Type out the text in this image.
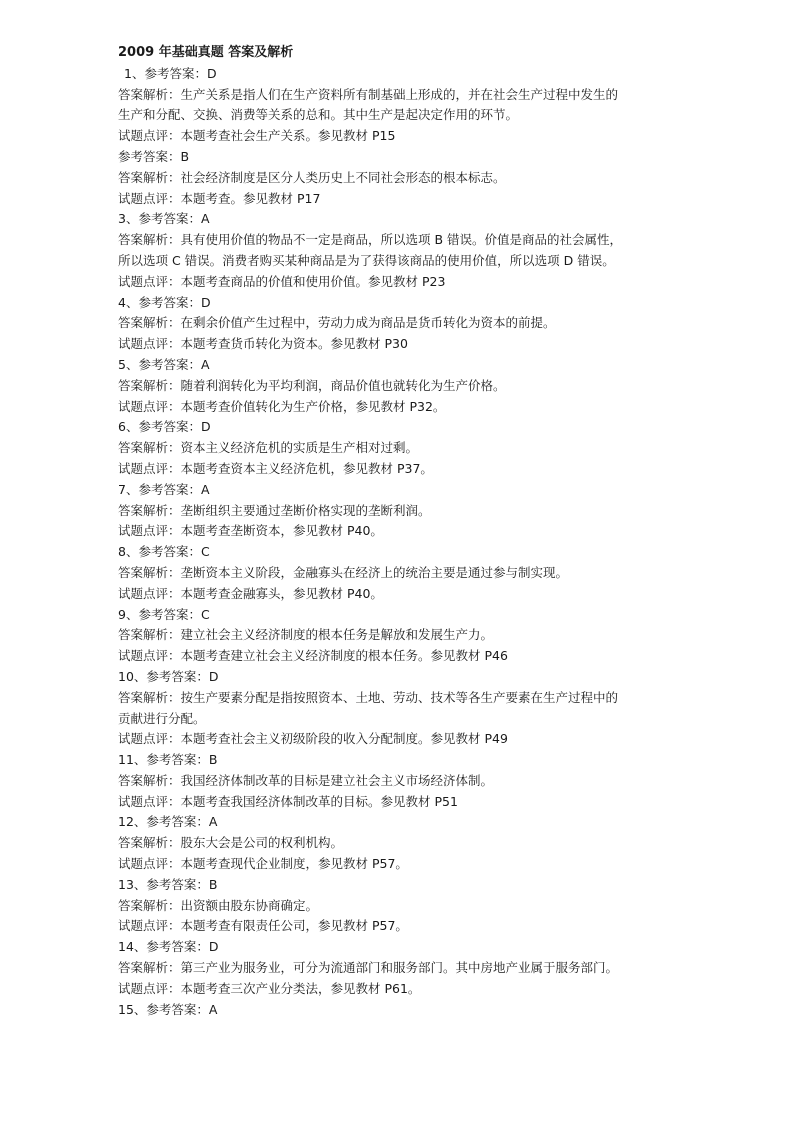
2009 年基础真题 答案及解析
1、参考答案：D
答案解析：生产关系是指人们在生产资料所有制基础上形成的，并在社会生产过程中发生的
生产和分配、交换、消费等关系的总和。其中生产是起决定作用的环节。
试题点评：本题考查社会生产关系。参见教材 P15
参考答案：B
答案解析：社会经济制度是区分人类历史上不同社会形态的根本标志。
试题点评：本题考查。参见教材 P17
3、参考答案：A
答案解析：具有使用价值的物品不一定是商品，所以选项 B 错误。价值是商品的社会属性，
所以选项 C 错误。消费者购买某种商品是为了获得该商品的使用价值，所以选项 D 错误。
试题点评：本题考查商品的价值和使用价值。参见教材 P23
4、参考答案：D
答案解析：在剩余价值产生过程中，劳动力成为商品是货币转化为资本的前提。
试题点评：本题考查货币转化为资本。参见教材 P30
5、参考答案：A
答案解析：随着利润转化为平均利润，商品价值也就转化为生产价格。
试题点评：本题考查价值转化为生产价格，参见教材 P32。
6、参考答案：D
答案解析：资本主义经济危机的实质是生产相对过剩。
试题点评：本题考查资本主义经济危机，参见教材 P37。
7、参考答案：A
答案解析：垄断组织主要通过垄断价格实现的垄断利润。
试题点评：本题考查垄断资本，参见教材 P40。
8、参考答案：C
答案解析：垄断资本主义阶段，金融寡头在经济上的统治主要是通过参与制实现。
试题点评：本题考查金融寡头，参见教材 P40。
9、参考答案：C
答案解析：建立社会主义经济制度的根本任务是解放和发展生产力。
试题点评：本题考查建立社会主义经济制度的根本任务。参见教材 P46
10、参考答案：D
答案解析：按生产要素分配是指按照资本、土地、劳动、技术等各生产要素在生产过程中的
贡献进行分配。
试题点评：本题考查社会主义初级阶段的收入分配制度。参见教材 P49
11、参考答案：B
答案解析：我国经济体制改革的目标是建立社会主义市场经济体制。
试题点评：本题考查我国经济体制改革的目标。参见教材 P51
12、参考答案：A
答案解析：股东大会是公司的权利机构。
试题点评：本题考查现代企业制度，参见教材 P57。
13、参考答案：B
答案解析：出资额由股东协商确定。
试题点评：本题考查有限责任公司，参见教材 P57。
14、参考答案：D
答案解析：第三产业为服务业，可分为流通部门和服务部门。其中房地产业属于服务部门。
试题点评：本题考查三次产业分类法，参见教材 P61。
15、参考答案：A
